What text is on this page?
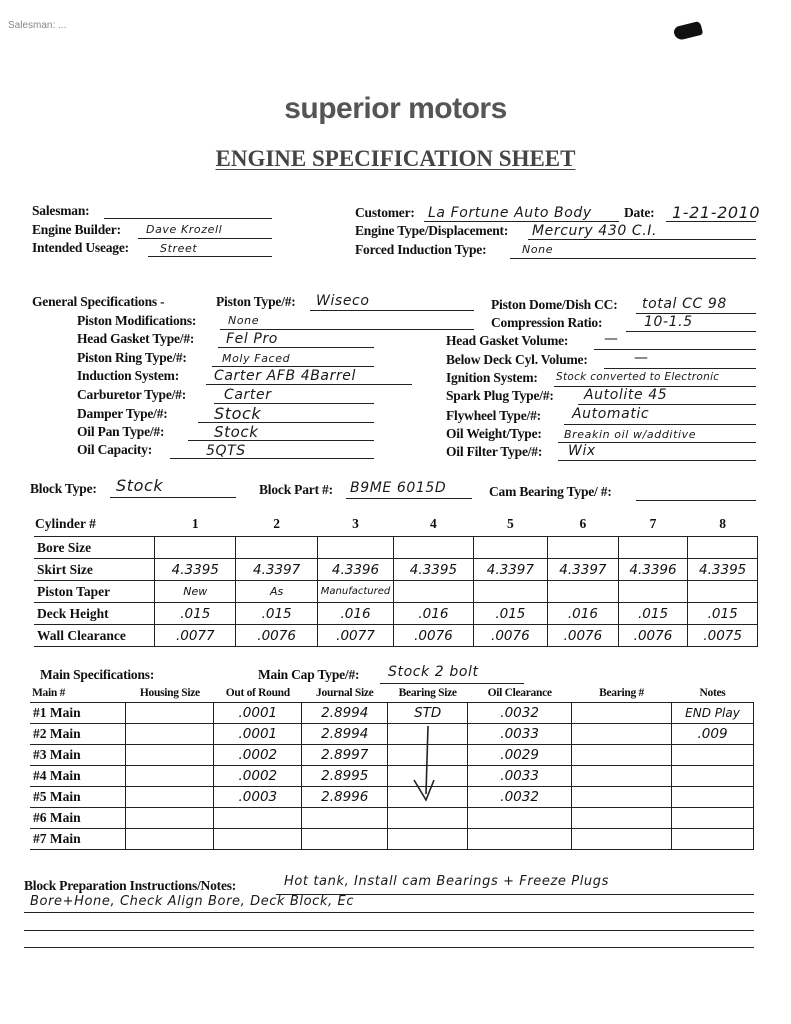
Salesman: ...
superior motors
ENGINE SPECIFICATION SHEET
Salesman:
Engine Builder: Dave Krozell
Intended Useage:	Street
Customer: La Fortune Auto Body Date: 1-21-2010
Engine Type/Displacement: Mercury 430 C.I.
Forced Induction Type:	None
General Specifications -	Piston Type/#: Wiseco
Piston Modifications:	None
Head Gasket Type/#: Fel Pro
Piston Ring Type/#:	Moly Faced
Induction System:	Carter AFB 4Barrel
Carburetor Type/#:	Carter
Damper Type/#:	Stock
Oil Pan Type/#:	Stock
Oil Capacity:	5QTS
Piston Dome/Dish CC: total CC 98
Compression Ratio:	10-1.5
Head Gasket Volume:	—
Below Deck Cyl. Volume:	—
Ignition System: Stock converted to Electronic
Spark Plug Type/#: Autolite 45
Flywheel Type/#: Automatic
Oil Weight/Type: Breakin oil w/additive
Oil Filter Type/#: Wix
Block Type: Stock	Block Part #: B9ME 6015D	Cam Bearing Type/ #:
Cylinder #	1	2	3	4	5	6	7	8
Bore Size								
Skirt Size	4.3395	4.3397	4.3396	4.3395	4.3397	4.3397	4.3396	4.3395
Piston Taper	New	As	Manufactured					
Deck Height	.015	.015	.016	.016	.015	.016	.015	.015
Wall Clearance	.0077	.0076	.0077	.0076	.0076	.0076	.0076	.0075
Main Specifications:	Main Cap Type/#: Stock 2 bolt
Main #	Housing Size	Out of Round	Journal Size	Bearing Size	Oil Clearance	Bearing #	Notes
#1 Main		.0001	2.8994	STD	.0032		END Play
#2 Main		.0001	2.8994		.0033		.009
#3 Main		.0002	2.8997		.0029		
#4 Main		.0002	2.8995		.0033		
#5 Main		.0003	2.8996		.0032		
#6 Main							
#7 Main							
Block Preparation Instructions/Notes:	Hot tank, Install cam Bearings + Freeze Plugs
Bore+Hone, Check Align Bore, Deck Block, Ec
